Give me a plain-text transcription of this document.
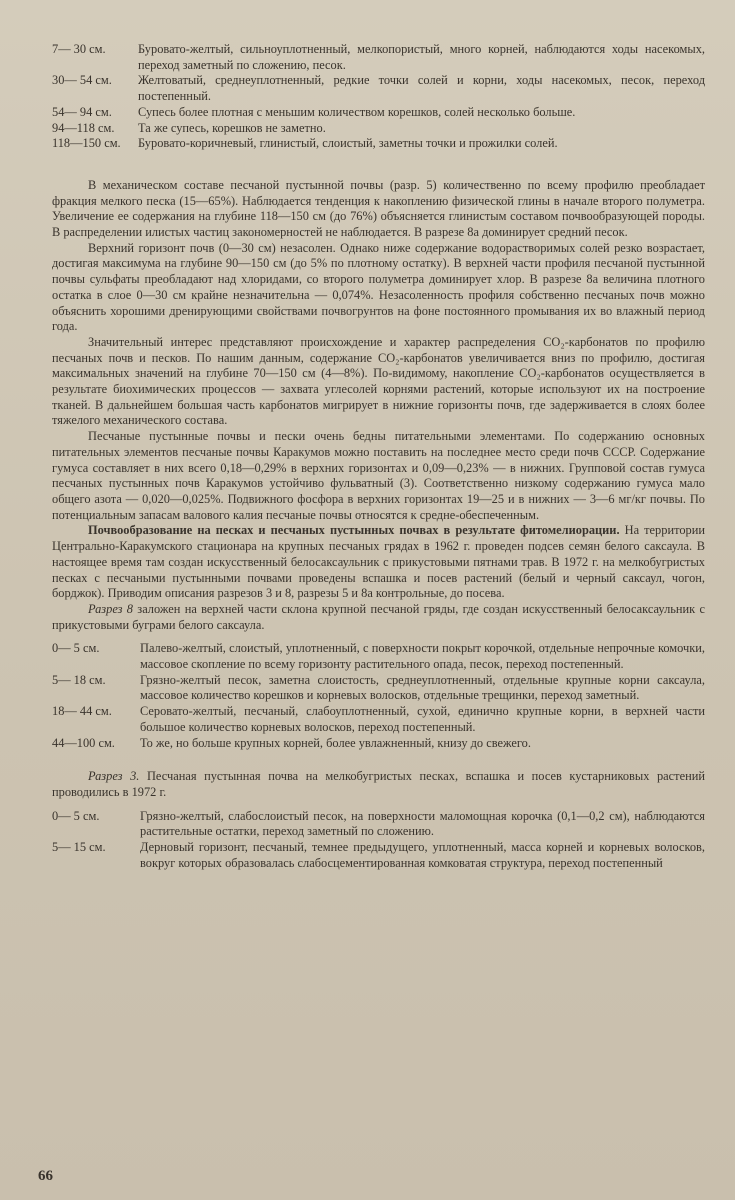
7— 30 см.	Буровато-желтый, сильноуплотненный, мелкопористый, много корней, наблюдаются ходы насекомых, переход заметный по сложению, песок.
30— 54 см.	Желтоватый, среднеуплотненный, редкие точки солей и корни, ходы насекомых, песок, переход постепенный.
54— 94 см.	Супесь более плотная с меньшим количеством корешков, солей несколько больше.
94—118 см.	Та же супесь, корешков не заметно.
118—150 см.	Буровато-коричневый, глинистый, слоистый, заметны точки и прожилки солей.

В механическом составе песчаной пустынной почвы (разр. 5) количественно по всему профилю преобладает фракция мелкого песка (15—65%). Наблюдается тенденция к накоплению физической глины в начале второго полуметра. Увеличение ее содержания на глубине 118—150 см (до 76%) объясняется глинистым составом почвообразующей породы. В распределении илистых частиц закономерностей не наблюдается. В разрезе 8а доминирует средний песок.

Верхний горизонт почв (0—30 см) незасолен. Однако ниже содержание водорастворимых солей резко возрастает, достигая максимума на глубине 90—150 см (до 5% по плотному остатку). В верхней части профиля песчаной пустынной почвы сульфаты преобладают над хлоридами, со второго полуметра доминирует хлор. В разрезе 8а величина плотного остатка в слое 0—30 см крайне незначительна — 0,074%. Незасоленность профиля собственно песчаных почв можно объяснить хорошими дренирующими свойствами почвогрунтов на фоне постоянного промывания их во влажный период года.

Значительный интерес представляют происхождение и характер распределения CO₂-карбонатов по профилю песчаных почв и песков. По нашим данным, содержание CO₂-карбонатов увеличивается вниз по профилю, достигая максимальных значений на глубине 70—150 см (4—8%). По-видимому, накопление CO₂-карбонатов осуществляется в результате биохимических процессов — захвата углесолей корнями растений, которые используют их на построение тканей. В дальнейшем большая часть карбонатов мигрирует в нижние горизонты почв, где задерживается в слоях более тяжелого механического состава.

Песчаные пустынные почвы и пески очень бедны питательными элементами. По содержанию основных питательных элементов песчаные почвы Каракумов можно поставить на последнее место среди почв СССР. Содержание гумуса составляет в них всего 0,18—0,29% в верхних горизонтах и 0,09—0,23% — в нижних. Групповой состав гумуса песчаных пустынных почв Каракумов устойчиво фульватный (3). Соответственно низкому содержанию гумуса мало общего азота — 0,020—0,025%. Подвижного фосфора в верхних горизонтах 19—25 и в нижних — 3—6 мг/кг почвы. По потенциальным запасам валового калия песчаные почвы относятся к средне-обеспеченным.

Почвообразование на песках и песчаных пустынных почвах в результате фитомелиорации. На территории Центрально-Каракумского стационара на крупных песчаных грядах в 1962 г. проведен подсев семян белого саксаула. В настоящее время там создан искусственный белосаксаульник с прикустовыми пятнами трав. В 1972 г. на мелкобугристых песках с песчаными пустынными почвами проведены вспашка и посев растений (белый и черный саксаул, чогон, борджок). Приводим описания разрезов 3 и 8, разрезы 5 и 8а контрольные, до посева.

Разрез 8 заложен на верхней части склона крупной песчаной гряды, где создан искусственный белосаксаульник с прикустовыми буграми белого саксаула.

0— 5 см.	Палево-желтый, слоистый, уплотненный, с поверхности покрыт корочкой, отдельные непрочные комочки, массовое скопление по всему горизонту растительного опада, песок, переход постепенный.
5— 18 см.	Грязно-желтый песок, заметна слоистость, среднеуплотненный, отдельные крупные корни саксаула, массовое количество корешков и корневых волосков, отдельные трещинки, переход заметный.
18— 44 см.	Серовато-желтый, песчаный, слабоуплотненный, сухой, единично крупные корни, в верхней части большое количество корневых волосков, переход постепенный.
44—100 см.	То же, но больше крупных корней, более увлажненный, книзу до свежего.

Разрез 3. Песчаная пустынная почва на мелкобугристых песках, вспашка и посев кустарниковых растений проводились в 1972 г.

0— 5 см.	Грязно-желтый, слабослоистый песок, на поверхности маломощная корочка (0,1—0,2 см), наблюдаются растительные остатки, переход заметный по сложению.
5— 15 см.	Дерновый горизонт, песчаный, темнее предыдущего, уплотненный, масса корней и корневых волосков, вокруг которых образовалась слабосцементированная комковатая структура, переход постепенный
66
